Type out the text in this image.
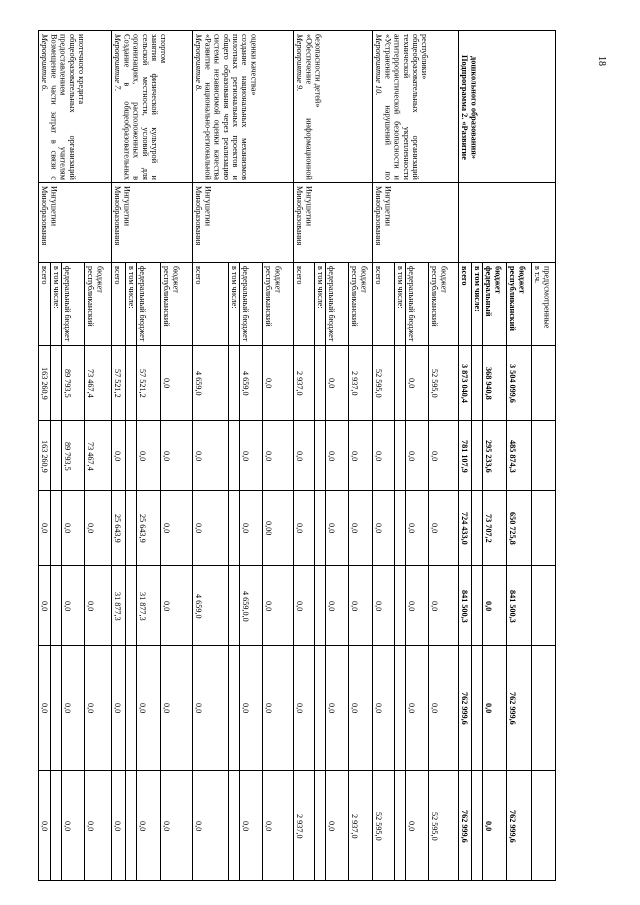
Мероприятие 6. Возмещение части затрат в связи с предоставлением учителям общеобразовательных организаций ипотечного кредита
Минобразования Ингушетии
всего
163 260,9
163 260,9
0,0
0,0
0,0
0,0
в том числе: федеральный бюджет
89 793,5
89 793,5
0,0
0,0
0,0
0,0
республиканский бюджет
73 467,4
73 467,4
0,0
0,0
0,0
0,0
Мероприятие 7. Создание в общеобразовательных организациях, расположенных в сельской местности, условий для занятия физической культурой и спортом
Минобразования Ингушетии
всего
57 521,2
0,0
25 643,9
31 877,3
0,0
0,0
в том числе: федеральный бюджет
57 521,2
0,0
25 643,9
31 877,3
0,0
0,0
республиканский бюджет
0,0
0,0
0,0
0,0
0,0
0,0
Мероприятие 8. «Развитие национально-региональной системы независимой оценки качества общего образования через реализацию пилотных региональных проектов и создание национальных механизмов оценки качества»
Минобразования Ингушетии
всего
4 659,0
0,0
0,0
4 659,0
0,0
0,0
в том числе: федеральный бюджет
4 659,0
0,0
0,0
4 659,0,0
0,0
0,0
республиканский бюджет
0,0
0,0
0,00
0,0
0,0
0,0
Мероприятие 9. «Обеспечение информационной безопасности детей»
Минобразования Ингушетии
всего
2 937,0
0,0
0,0
0,0
0,0
2 937,0
в том числе: федеральный бюджет
0,0
0,0
0,0
0,0
0,0
0,0
республиканский бюджет
2 937,0
0,0
0,0
0,0
0,0
2 937,0
Мероприятие 10. «Устранение нарушений по антитеррористической безопасности и технической укрепленности общеобразовательных организаций республики»
Минобразования Ингушетии
всего
52 595,0
0,0
0,0
0,0
0,0
52 595,0
в том числе: федеральный бюджет
0,0
0,0
0,0
0,0
0,0
0,0
республиканский бюджет
52 595,0
0,0
0,0
0,0
0,0
52 595,0
Подпрограмма 2. «Развитие дошкольного образования»
всего
3 873 040,4
781 107,9
724 433,0
841 500,3
762 999,6
762 999,6
в том числе: федеральный бюджет
368 940,8
295 233,6
73 707,2
0,0
0,0
0,0
республиканский бюджет
3 504 099,6
485 874,3
650 725,8
841 500,3
762 999,6
762 999,6
в т.ч. предусмотренные
18
